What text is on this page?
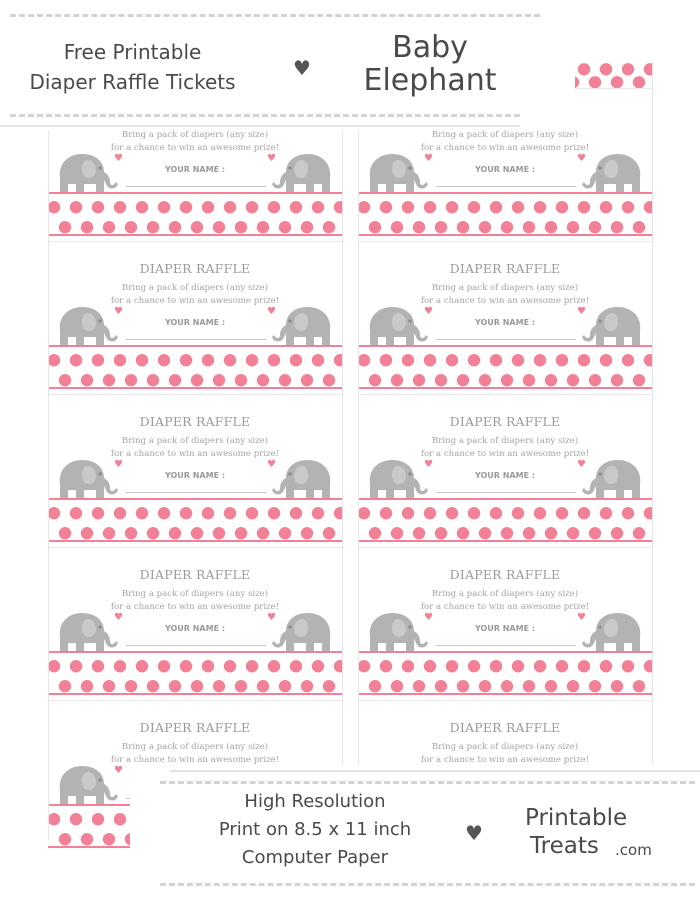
Bring a pack of diapers (any size)
for a chance to win an awesome prize!
YOUR NAME :
♥	♥
Bring a pack of diapers (any size)
for a chance to win an awesome prize!
YOUR NAME :
♥	♥
DIAPER RAFFLE
Bring a pack of diapers (any size)
for a chance to win an awesome prize!
YOUR NAME :
♥	♥
DIAPER RAFFLE
Bring a pack of diapers (any size)
for a chance to win an awesome prize!
YOUR NAME :
♥	♥
DIAPER RAFFLE
Bring a pack of diapers (any size)
for a chance to win an awesome prize!
YOUR NAME :
♥	♥
DIAPER RAFFLE
Bring a pack of diapers (any size)
for a chance to win an awesome prize!
YOUR NAME :
♥	♥
DIAPER RAFFLE
Bring a pack of diapers (any size)
for a chance to win an awesome prize!
YOUR NAME :
♥	♥
DIAPER RAFFLE
Bring a pack of diapers (any size)
for a chance to win an awesome prize!
YOUR NAME :
♥	♥
DIAPER RAFFLE
Bring a pack of diapers (any size)
for a chance to win an awesome prize!
♥
DIAPER RAFFLE
Bring a pack of diapers (any size)
for a chance to win an awesome prize!
Free Printable
Diaper Raffle Tickets
♥
Baby
Elephant
High Resolution
Print on 8.5 x 11 inch
Computer Paper
♥
Printable
Treats	.com
